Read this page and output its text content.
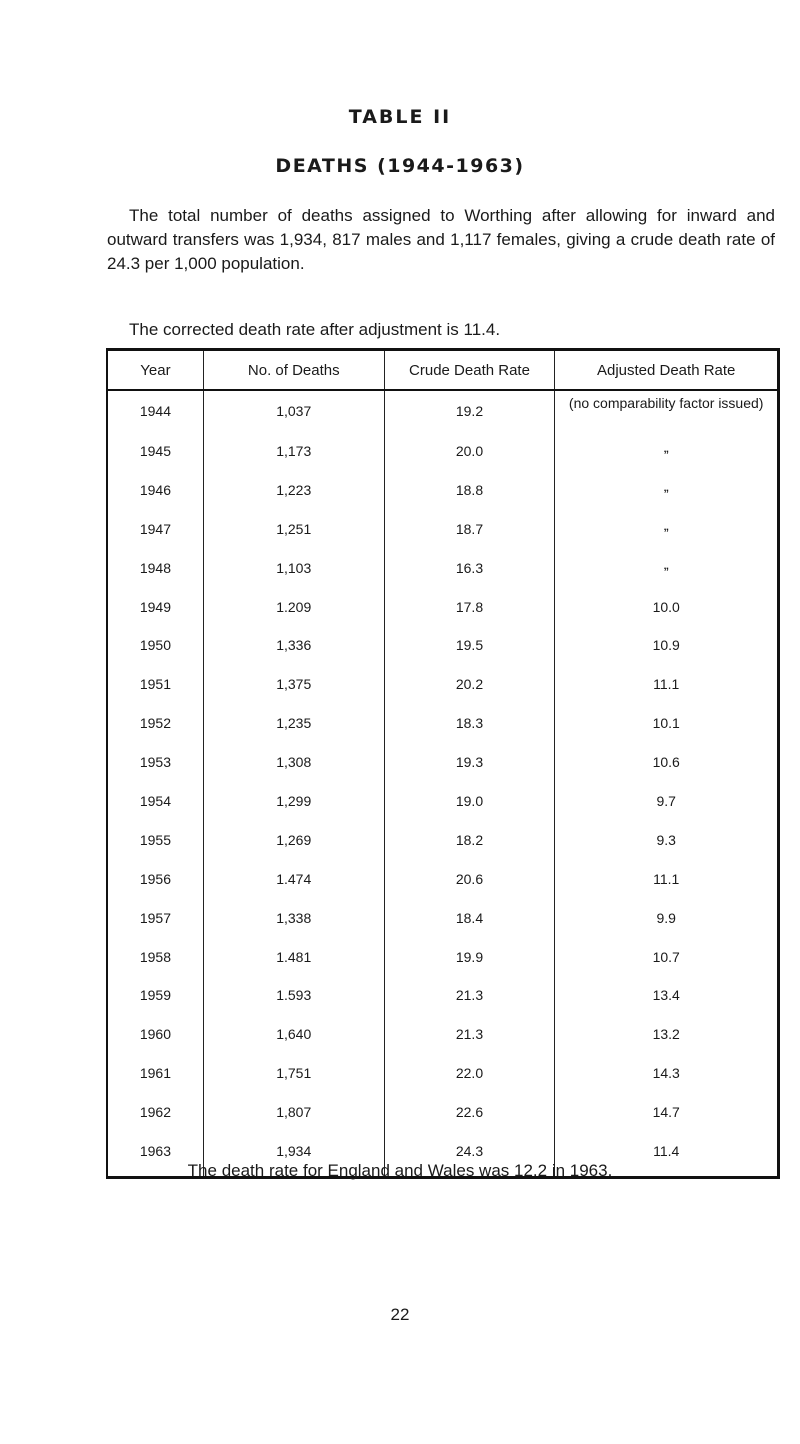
TABLE II
DEATHS (1944-1963)

The total number of deaths assigned to Worthing after allowing for inward and outward transfers was 1,934, 817 males and 1,117 females, giving a crude death rate of 24.3 per 1,000 population.

The corrected death rate after adjustment is 11.4.

Year	No. of Deaths	Crude Death Rate	Adjusted Death Rate
1944	1,037	19.2	(no comparability factor issued)
1945	1,173	20.0	„
1946	1,223	18.8	„
1947	1,251	18.7	„
1948	1,103	16.3	„
1949	1.209	17.8	10.0
1950	1,336	19.5	10.9
1951	1,375	20.2	11.1
1952	1,235	18.3	10.1
1953	1,308	19.3	10.6
1954	1,299	19.0	9.7
1955	1,269	18.2	9.3
1956	1.474	20.6	11.1
1957	1,338	18.4	9.9
1958	1.481	19.9	10.7
1959	1.593	21.3	13.4
1960	1,640	21.3	13.2
1961	1,751	22.0	14.3
1962	1,807	22.6	14.7
1963	1,934	24.3	11.4
The death rate for England and Wales was 12.2 in 1963.
22
